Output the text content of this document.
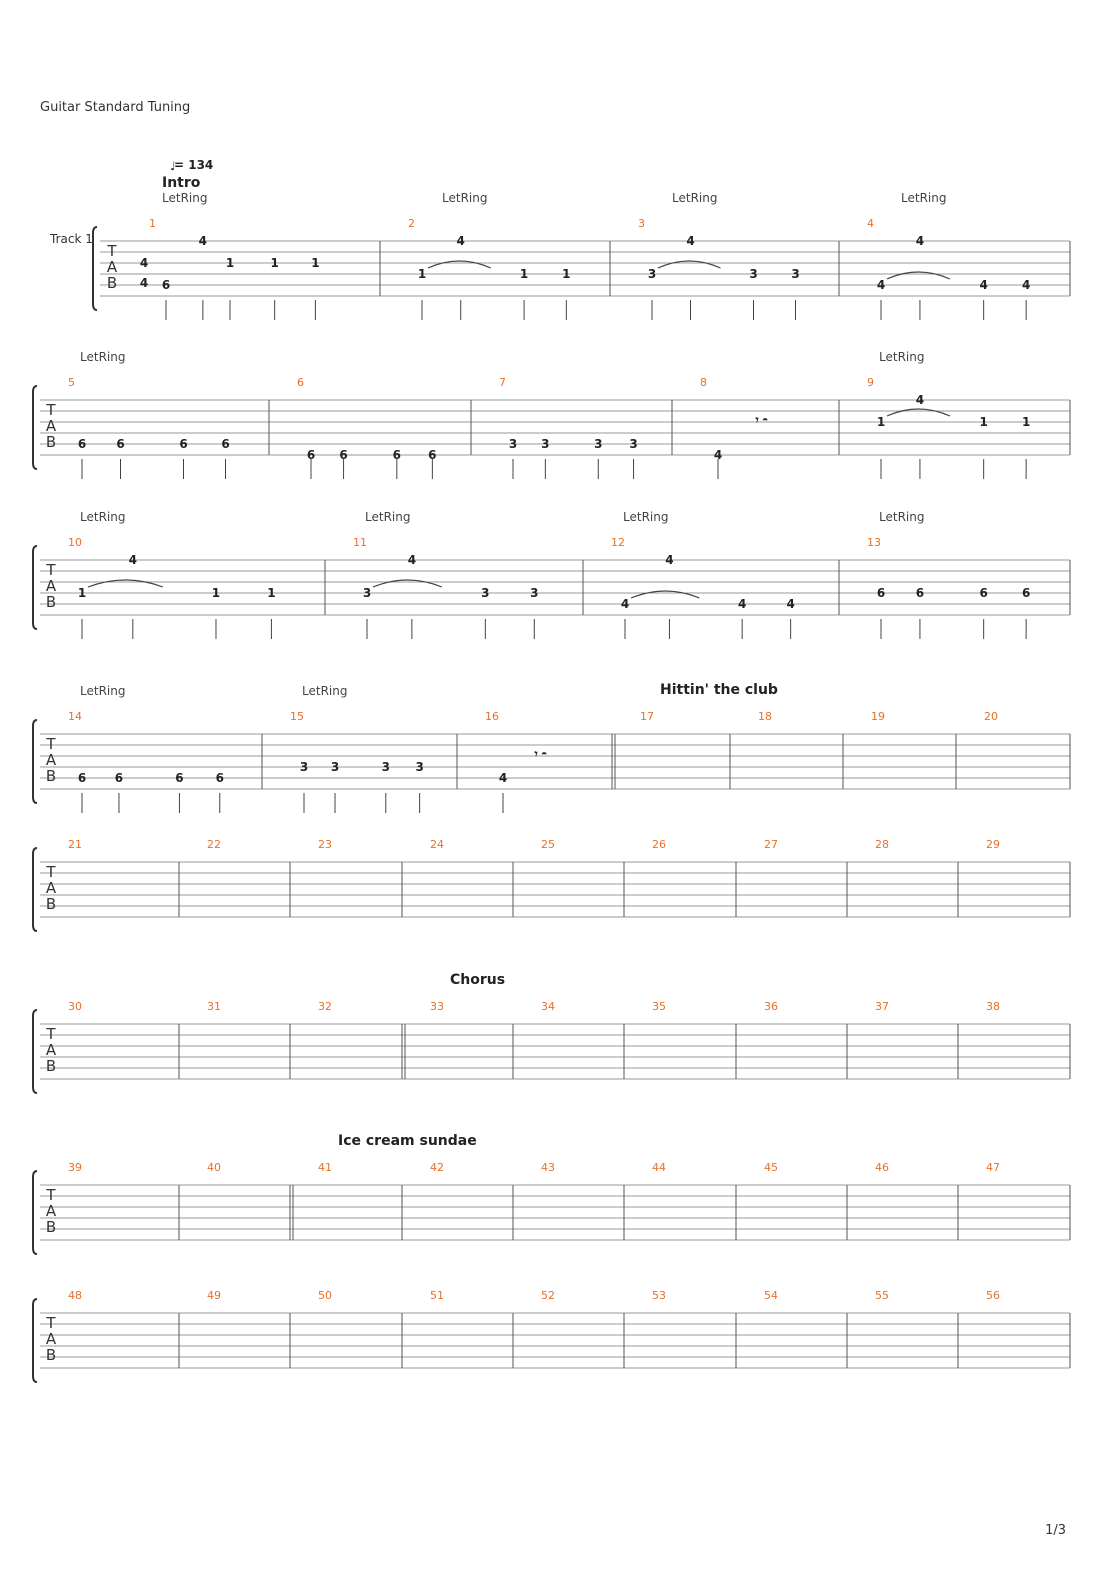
Guitar Standard Tuning
♩
= 134
Track 1
T
A
B
4
4
1
Intro
LetRing
6
4
1	1	1
2
LetRing
1
4
1	1
3
LetRing
3
4
3	3
4
LetRing
4
4
4	4
T
A
B
5
LetRing
6	6	6	6
6
6 6	6 6
7
3 3	3 3
8
4
𝄾 𝄼
9
LetRing
1
4
1	1
T
A
B
10
LetRing
1
4
1	1
11
LetRing
3
4
3	3
12
LetRing
4
4
4	4
13
LetRing
6	6	6	6
T
A
B
14
LetRing
6 6	6	6
15
LetRing
3 3	3 3
16
4
𝄾 𝄼
17
Hittin' the club
18	19	20
T
A
B
21	22	23	24	25	26	27	28	29
T
A
B
30	31	32	33
Chorus
34	35	36	37	38
T
A
B
39	40	41
Ice cream sundae
42	43	44	45	46	47
T
A
B
48	49	50	51	52	53	54	55	56
1/3
